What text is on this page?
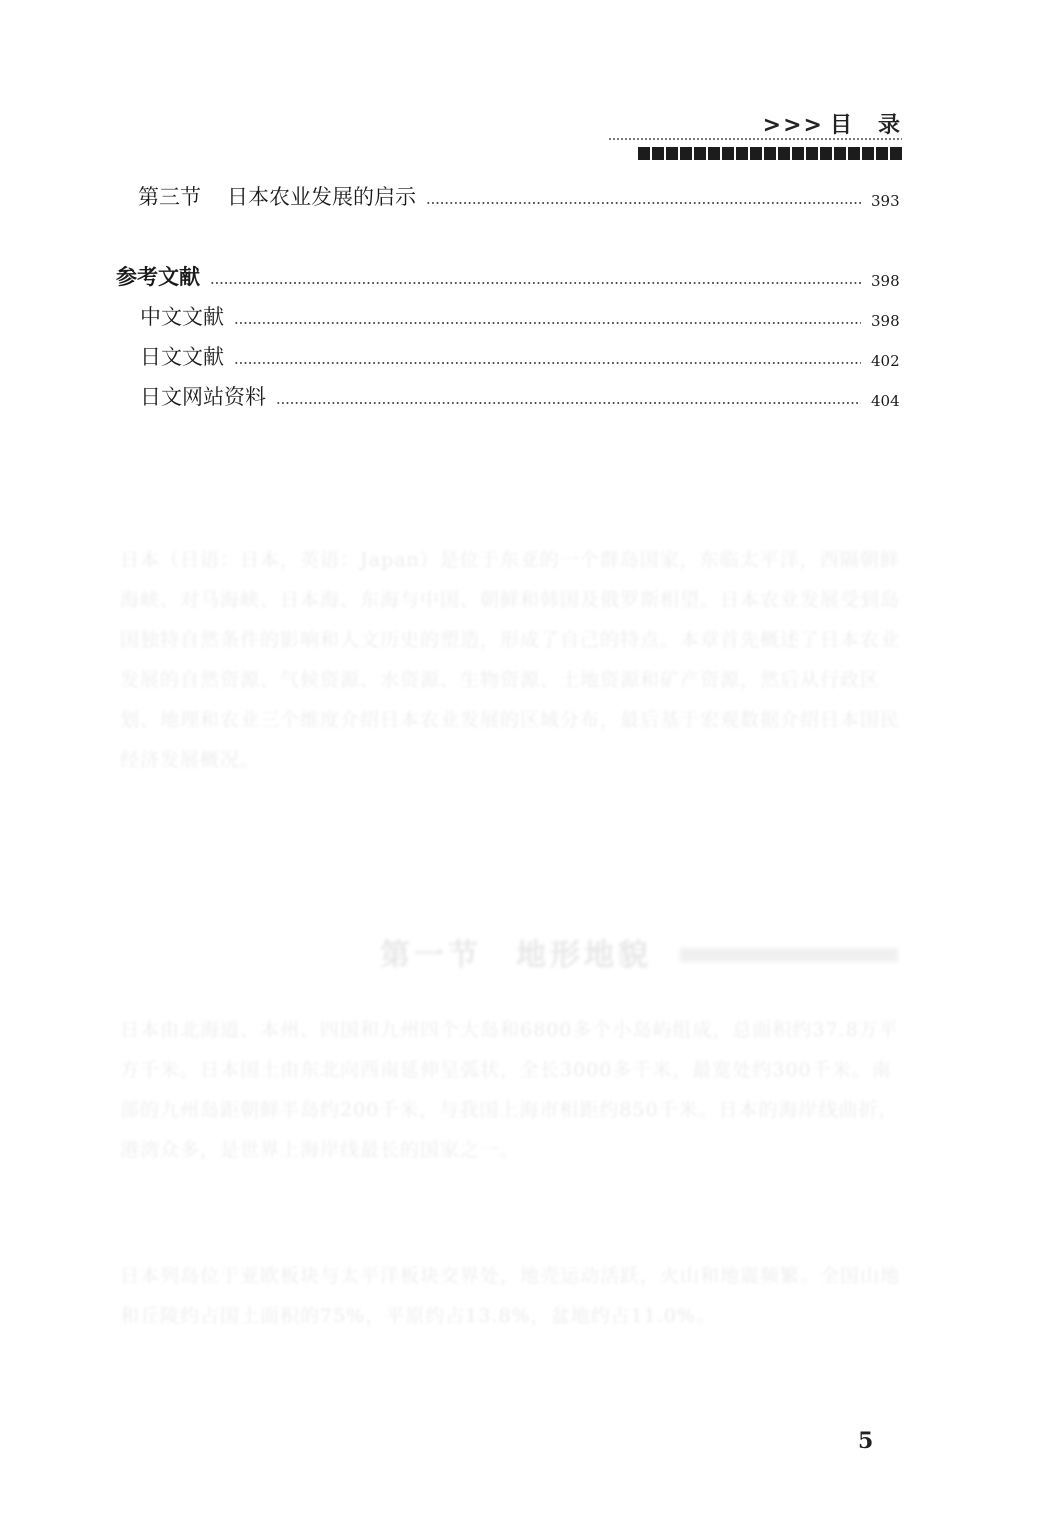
>>> 目 录
日本（日语：日本，英语：Japan）是位于东亚的一个群岛国家，东临太平洋，西隔朝鲜海峡、对马海峡、日本海、东海与中国、朝鲜和韩国及俄罗斯相望。日本农业发展受到岛国独特自然条件的影响和人文历史的塑造，形成了自己的特点。本章首先概述了日本农业发展的自然资源、气候资源、水资源、生物资源、土地资源和矿产资源，然后从行政区划、地理和农业三个维度介绍日本农业发展的区域分布，最后基于宏观数据介绍日本国民经济发展概况。
第一节　地形地貌
日本由北海道、本州、四国和九州四个大岛和6800多个小岛屿组成，总面积约37.8万平方千米。日本国土由东北向西南延伸呈弧状，全长3000多千米，最宽处约300千米。南部的九州岛距朝鲜半岛约200千米，与我国上海市相距约850千米。日本的海岸线曲折，港湾众多，是世界上海岸线最长的国家之一。
日本列岛位于亚欧板块与太平洋板块交界处，地壳运动活跃，火山和地震频繁。全国山地和丘陵约占国土面积的75%，平原约占13.8%，盆地约占11.0%。
第三节 日本农业发展的启示	393
参考文献	398
中文文献	398
日文文献	402
日文网站资料	404
5
